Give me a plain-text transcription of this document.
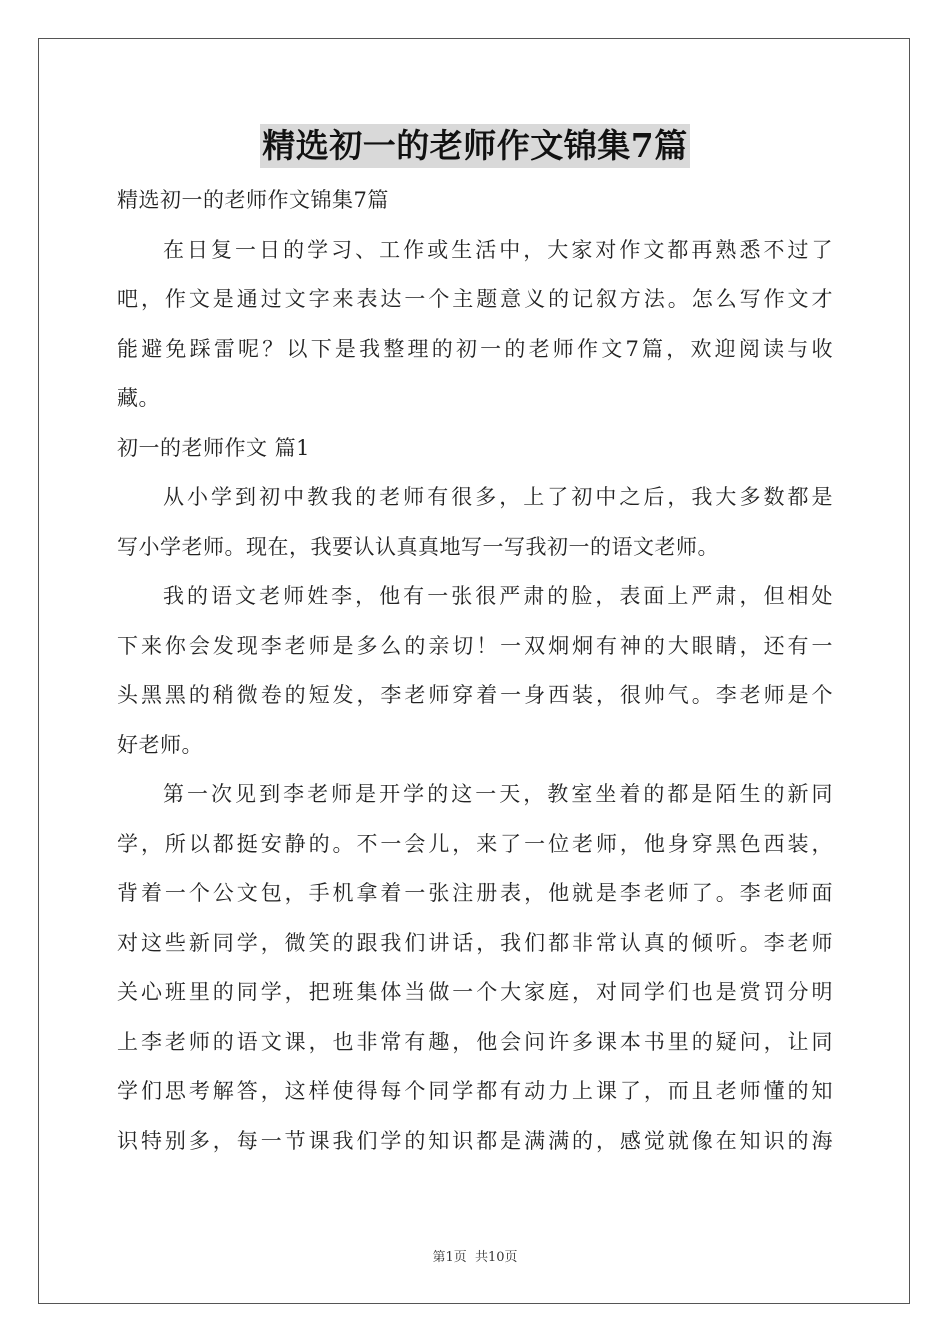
精选初一的老师作文锦集7篇
精选初一的老师作文锦集7篇
在日复一日的学习、工作或生活中，大家对作文都再熟悉不过了
吧，作文是通过文字来表达一个主题意义的记叙方法。怎么写作文才
能避免踩雷呢？以下是我整理的初一的老师作文7篇，欢迎阅读与收
藏。
初一的老师作文 篇1
从小学到初中教我的老师有很多，上了初中之后，我大多数都是
写小学老师。现在，我要认认真真地写一写我初一的语文老师。
我的语文老师姓李，他有一张很严肃的脸，表面上严肃，但相处
下来你会发现李老师是多么的亲切！一双炯炯有神的大眼睛，还有一
头黑黑的稍微卷的短发，李老师穿着一身西装，很帅气。李老师是个
好老师。
第一次见到李老师是开学的这一天，教室坐着的都是陌生的新同
学，所以都挺安静的。不一会儿，来了一位老师，他身穿黑色西装，
背着一个公文包，手机拿着一张注册表，他就是李老师了。李老师面
对这些新同学，微笑的跟我们讲话，我们都非常认真的倾听。李老师
关心班里的同学，把班集体当做一个大家庭，对同学们也是赏罚分明
上李老师的语文课，也非常有趣，他会问许多课本书里的疑问，让同
学们思考解答，这样使得每个同学都有动力上课了，而且老师懂的知
识特别多，每一节课我们学的知识都是满满的，感觉就像在知识的海
第1页 共10页
